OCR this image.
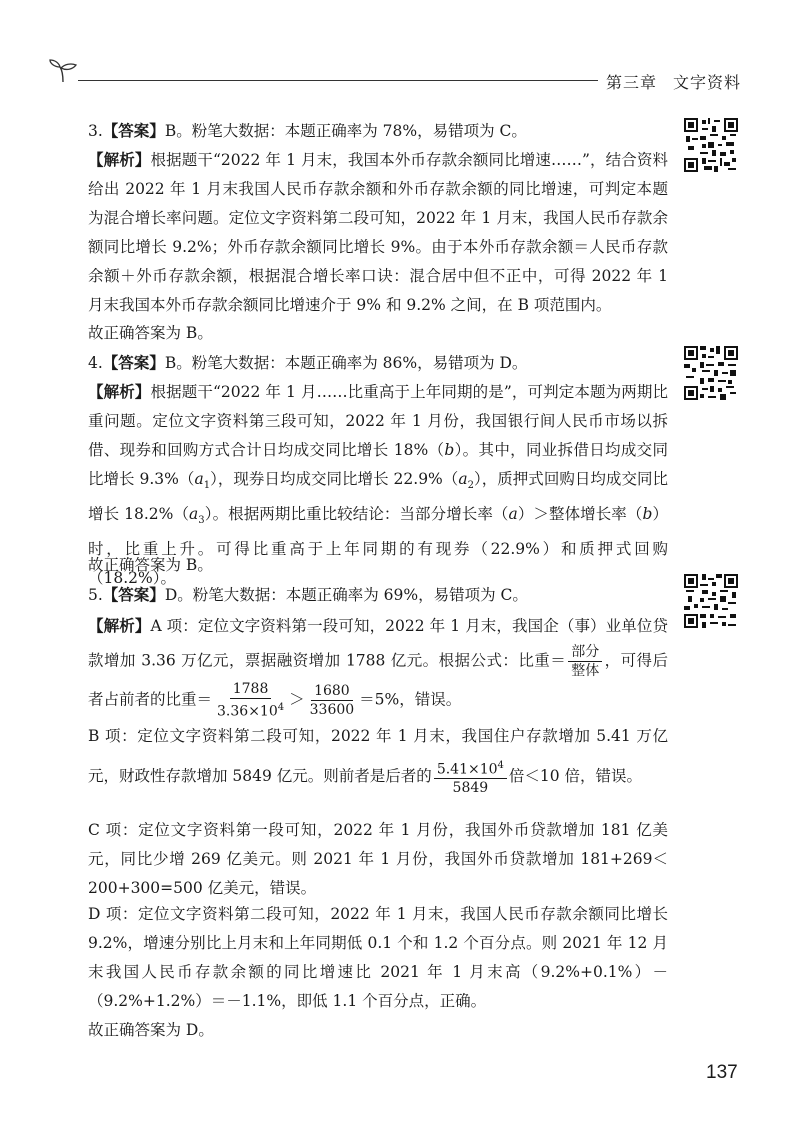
第三章 文字资料
3.【答案】B。粉笔大数据：本题正确率为 78%，易错项为 C。
【解析】根据题干“2022 年 1 月末，我国本外币存款余额同比增速……”，结合资料给出 2022 年 1 月末我国人民币存款余额和外币存款余额的同比增速，可判定本题为混合增长率问题。定位文字资料第二段可知，2022 年 1 月末，我国人民币存款余额同比增长 9.2%；外币存款余额同比增长 9%。由于本外币存款余额＝人民币存款余额＋外币存款余额，根据混合增长率口诀：混合居中但不正中，可得 2022 年 1 月末我国本外币存款余额同比增速介于 9% 和 9.2% 之间，在 B 项范围内。
故正确答案为 B。
4.【答案】B。粉笔大数据：本题正确率为 86%，易错项为 D。
【解析】根据题干“2022 年 1 月……比重高于上年同期的是”，可判定本题为两期比重问题。定位文字资料第三段可知，2022 年 1 月份，我国银行间人民币市场以拆借、现券和回购方式合计日均成交同比增长 18%（b）。其中，同业拆借日均成交同比增长 $9.3\%(a_1)$，现券日均成交同比增长 $22.9\%(a_2)$，质押式回购日均成交同比增长 $18.2\%(a_3)$。根据两期比重比较结论：当部分增长率（a）＞整体增长率（b）时，比重上升。可得比重高于上年同期的有现券（22.9%）和质押式回购（18.2%）。
故正确答案为 B。
5.【答案】D。粉笔大数据：本题正确率为 69%，易错项为 C。
【解析】A 项：定位文字资料第一段可知，2022 年 1 月末，我国企（事）业单位贷款增加 3.36 万亿元，票据融资增加 1788 亿元。根据公式：比重＝ $\frac{\text{部分}}{\text{整体}}$ ，可得后者占前者的比重＝ $\frac{1788}{3.36\times 10^4} > \frac{1680}{33600} =5\%$，错误。
B 项：定位文字资料第二段可知，2022 年 1 月末，我国住户存款增加 5.41 万亿元，财政性存款增加 5849 亿元。则前者是后者的 $\frac{5.41\times 10^4}{5849}$ 倍＜10 倍，错误。
C 项：定位文字资料第一段可知，2022 年 1 月份，我国外币贷款增加 181 亿美元，同比少增 269 亿美元。则 2021 年 1 月份，我国外币贷款增加 181+269＜200+300=500 亿美元，错误。
D 项：定位文字资料第二段可知，2022 年 1 月末，我国人民币存款余额同比增长 9.2%，增速分别比上月末和上年同期低 0.1 个和 1.2 个百分点。则 2021 年 12 月末我国人民币存款余额的同比增速比 2021 年 1 月末高（9.2%+0.1%）－（9.2%+1.2%）＝－1.1%，即低 1.1 个百分点，正确。
故正确答案为 D。
137
